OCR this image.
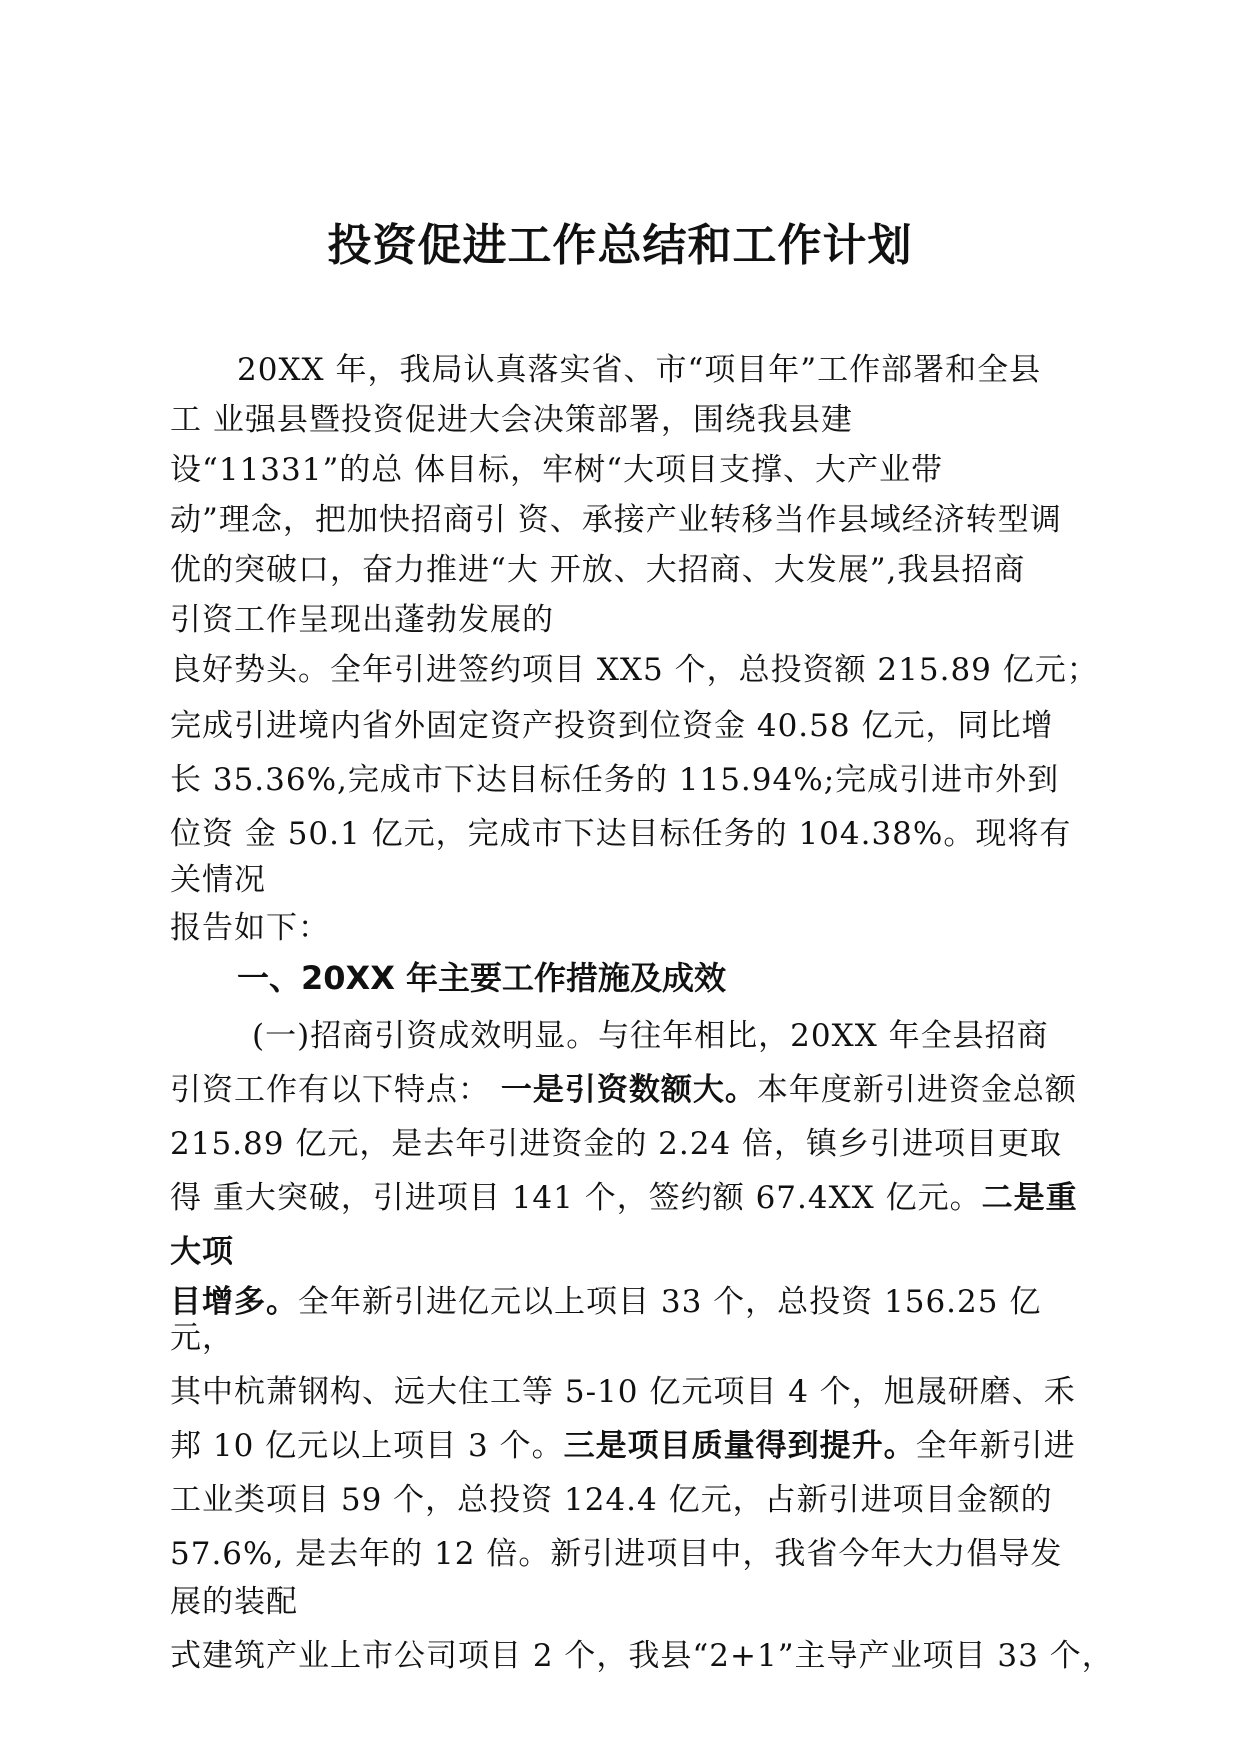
投资促进工作总结和工作计划
20XX 年，我局认真落实省、市“项目年”工作部署和全县
工 业强县暨投资促进大会决策部署，围绕我县建
设“11331”的总 体目标，牢树“大项目支撑、大产业带
动”理念，把加快招商引 资、承接产业转移当作县域经济转型调
优的突破口，奋力推进“大 开放、大招商、大发展”,我县招商
引资工作呈现出蓬勃发展的
良好势头。全年引进签约项目 XX5 个，总投资额 215.89 亿元；
完成引进境内省外固定资产投资到位资金 40.58 亿元，同比增
长 35.36%,完成市下达目标任务的 115.94%;完成引进市外到
位资 金 50.1 亿元，完成市下达目标任务的 104.38%。现将有
关情况
报告如下：
一、20XX 年主要工作措施及成效
(一)招商引资成效明显。与往年相比，20XX 年全县招商
引资工作有以下特点： 一是引资数额大。本年度新引进资金总额
215.89 亿元，是去年引进资金的 2.24 倍，镇乡引进项目更取
得 重大突破，引进项目 141 个，签约额 67.4XX 亿元。二是重
大项
目增多。全年新引进亿元以上项目 33 个，总投资 156.25 亿
元，
其中杭萧钢构、远大住工等 5-10 亿元项目 4 个，旭晟研磨、禾
邦 10 亿元以上项目 3 个。三是项目质量得到提升。全年新引进
工业类项目 59 个，总投资 124.4 亿元，占新引进项目金额的
57.6%, 是去年的 12 倍。新引进项目中，我省今年大力倡导发
展的装配
式建筑产业上市公司项目 2 个，我县“2+1”主导产业项目 33 个，
